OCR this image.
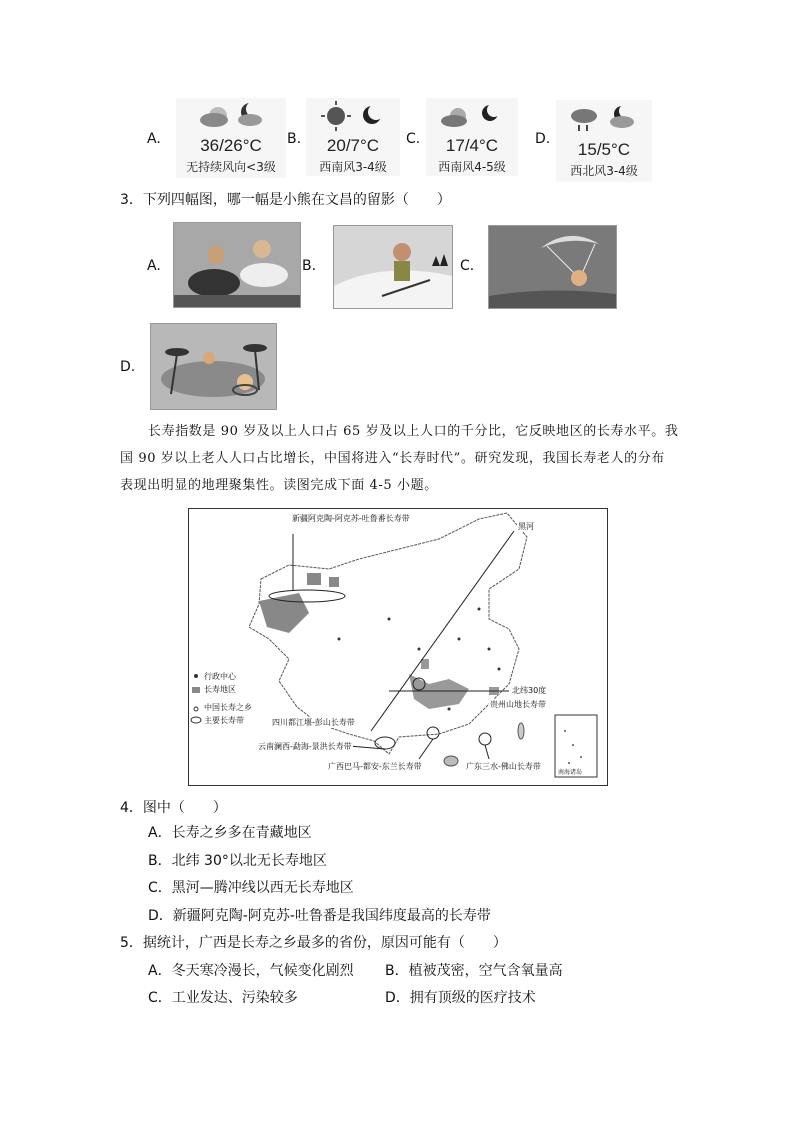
A.	36/26°C
无持续风向<3级
B.	20/7°C
西南风3-4级
C.	17/4°C
西南风4-5级
D.
15/5°C
西北风3-4级
3．下列四幅图，哪一幅是小熊在文昌的留影（　　）
A.	B.	C.
D.
长寿指数是 90 岁及以上人口占 65 岁及以上人口的千分比，它反映地区的长寿水平。我
国 90 岁以上老人人口占比增长，中国将进入“长寿时代”。研究发现，我国长寿老人的分布
表现出明显的地理聚集性。读图完成下面 4-5 小题。
新疆阿克陶-阿克苏-吐鲁番长寿带
黑河
北纬30度
贵州山地长寿带
四川都江堰-彭山长寿带
云南澜西-勐海-景洪长寿带
广西巴马-都安-东兰长寿带	广东三水-佛山长寿带
南海诸岛
行政中心
长寿地区
中国长寿之乡
主要长寿带
4．图中（　　）
A．长寿之乡多在青藏地区
B．北纬 30°以北无长寿地区
C．黑河—腾冲线以西无长寿地区
D．新疆阿克陶-阿克苏-吐鲁番是我国纬度最高的长寿带
5．据统计，广西是长寿之乡最多的省份，原因可能有（　　）
A．冬天寒冷漫长，气候变化剧烈 B．植被茂密，空气含氧量高
C．工业发达、污染较多	D．拥有顶级的医疗技术
